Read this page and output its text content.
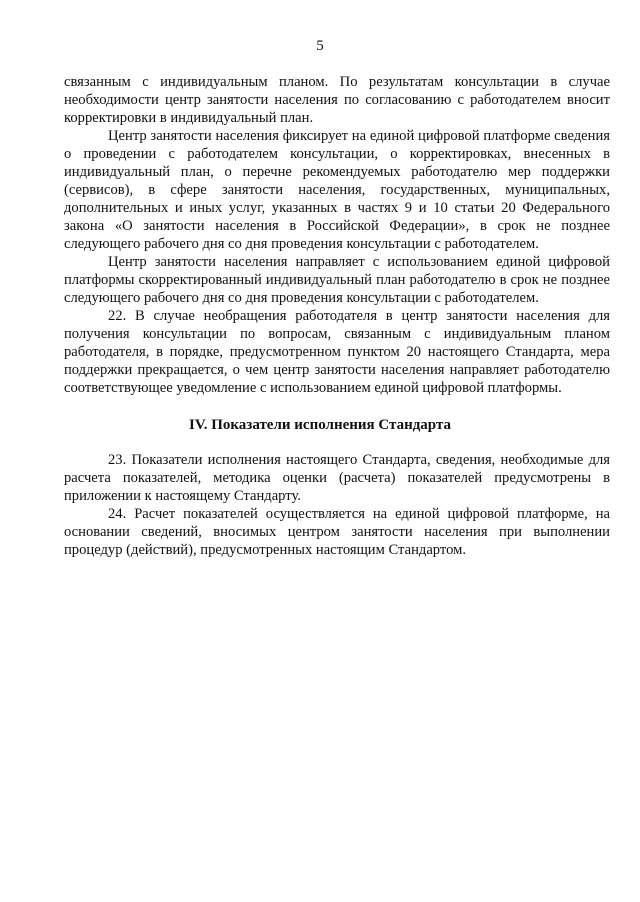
5

связанным с индивидуальным планом. По результатам консультации в случае необходимости центр занятости населения по согласованию с работодателем вносит корректировки в индивидуальный план.

Центр занятости населения фиксирует на единой цифровой платформе сведения о проведении с работодателем консультации, о корректировках, внесенных в индивидуальный план, о перечне рекомендуемых работодателю мер поддержки (сервисов), в сфере занятости населения, государственных, муниципальных, дополнительных и иных услуг, указанных в частях 9 и 10 статьи 20 Федерального закона «О занятости населения в Российской Федерации», в срок не позднее следующего рабочего дня со дня проведения консультации с работодателем.

Центр занятости населения направляет с использованием единой цифровой платформы скорректированный индивидуальный план работодателю в срок не позднее следующего рабочего дня со дня проведения консультации с работодателем.

22. В случае необращения работодателя в центр занятости населения для получения консультации по вопросам, связанным с индивидуальным планом работодателя, в порядке, предусмотренном пунктом 20 настоящего Стандарта, мера поддержки прекращается, о чем центр занятости населения направляет работодателю соответствующее уведомление с использованием единой цифровой платформы.

IV. Показатели исполнения Стандарта

23. Показатели исполнения настоящего Стандарта, сведения, необходимые для расчета показателей, методика оценки (расчета) показателей предусмотрены в приложении к настоящему Стандарту.

24. Расчет показателей осуществляется на единой цифровой платформе, на основании сведений, вносимых центром занятости населения при выполнении процедур (действий), предусмотренных настоящим Стандартом.
